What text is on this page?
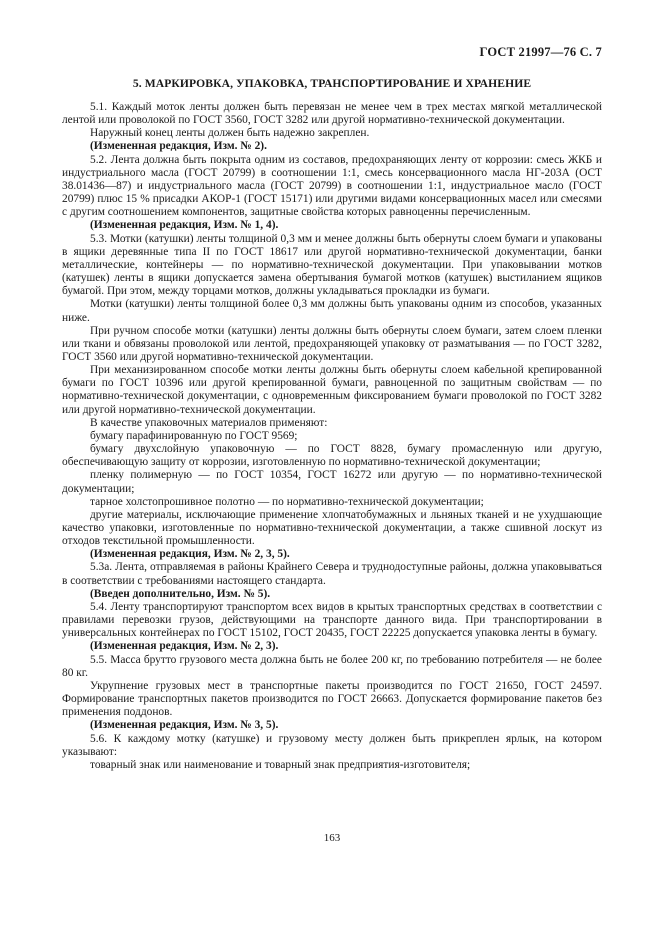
ГОСТ 21997—76 С. 7
5. МАРКИРОВКА, УПАКОВКА, ТРАНСПОРТИРОВАНИЕ И ХРАНЕНИЕ

5.1. Каждый моток ленты должен быть перевязан не менее чем в трех местах мягкой металлической лентой или проволокой по ГОСТ 3560, ГОСТ 3282 или другой нормативно-технической документации.

Наружный конец ленты должен быть надежно закреплен.

(Измененная редакция, Изм. № 2).

5.2. Лента должна быть покрыта одним из составов, предохраняющих ленту от коррозии: смесь ЖКБ и индустриального масла (ГОСТ 20799) в соотношении 1:1, смесь консервационного масла НГ-203А (ОСТ 38.01436—87) и индустриального масла (ГОСТ 20799) в соотношении 1:1, индустриальное масло (ГОСТ 20799) плюс 15 % присадки АКОР-1 (ГОСТ 15171) или другими видами консервационных масел или смесями с другим соотношением компонентов, защитные свойства которых равноценны перечисленным.

(Измененная редакция, Изм. № 1, 4).

5.3. Мотки (катушки) ленты толщиной 0,3 мм и менее должны быть обернуты слоем бумаги и упакованы в ящики деревянные типа II по ГОСТ 18617 или другой нормативно-технической документации, банки металлические, контейнеры — по нормативно-технической документации. При упаковывании мотков (катушек) ленты в ящики допускается замена обертывания бумагой мотков (катушек) выстиланием ящиков бумагой. При этом, между торцами мотков, должны укладываться прокладки из бумаги.

Мотки (катушки) ленты толщиной более 0,3 мм должны быть упакованы одним из способов, указанных ниже.

При ручном способе мотки (катушки) ленты должны быть обернуты слоем бумаги, затем слоем пленки или ткани и обвязаны проволокой или лентой, предохраняющей упаковку от разматывания — по ГОСТ 3282, ГОСТ 3560 или другой нормативно-технической документации.

При механизированном способе мотки ленты должны быть обернуты слоем кабельной крепированной бумаги по ГОСТ 10396 или другой крепированной бумаги, равноценной по защитным свойствам — по нормативно-технической документации, с одновременным фиксированием бумаги проволокой по ГОСТ 3282 или другой нормативно-технической документации.

В качестве упаковочных материалов применяют:

бумагу парафинированную по ГОСТ 9569;

бумагу двухслойную упаковочную — по ГОСТ 8828, бумагу промасленную или другую, обеспечивающую защиту от коррозии, изготовленную по нормативно-технической документации;

пленку полимерную — по ГОСТ 10354, ГОСТ 16272 или другую — по нормативно-технической документации;

тарное холстопрошивное полотно — по нормативно-технической документации;

другие материалы, исключающие применение хлопчатобумажных и льняных тканей и не ухудшающие качество упаковки, изготовленные по нормативно-технической документации, а также сшивной лоскут из отходов текстильной промышленности.

(Измененная редакция, Изм. № 2, 3, 5).

5.3а. Лента, отправляемая в районы Крайнего Севера и труднодоступные районы, должна упаковываться в соответствии с требованиями настоящего стандарта.

(Введен дополнительно, Изм. № 5).

5.4. Ленту транспортируют транспортом всех видов в крытых транспортных средствах в соответствии с правилами перевозки грузов, действующими на транспорте данного вида. При транспортировании в универсальных контейнерах по ГОСТ 15102, ГОСТ 20435, ГОСТ 22225 допускается упаковка ленты в бумагу.

(Измененная редакция, Изм. № 2, 3).

5.5. Масса брутто грузового места должна быть не более 200 кг, по требованию потребителя — не более 80 кг.

Укрупнение грузовых мест в транспортные пакеты производится по ГОСТ 21650, ГОСТ 24597. Формирование транспортных пакетов производится по ГОСТ 26663. Допускается формирование пакетов без применения поддонов.

(Измененная редакция, Изм. № 3, 5).

5.6. К каждому мотку (катушке) и грузовому месту должен быть прикреплен ярлык, на котором указывают:

товарный знак или наименование и товарный знак предприятия-изготовителя;

163
